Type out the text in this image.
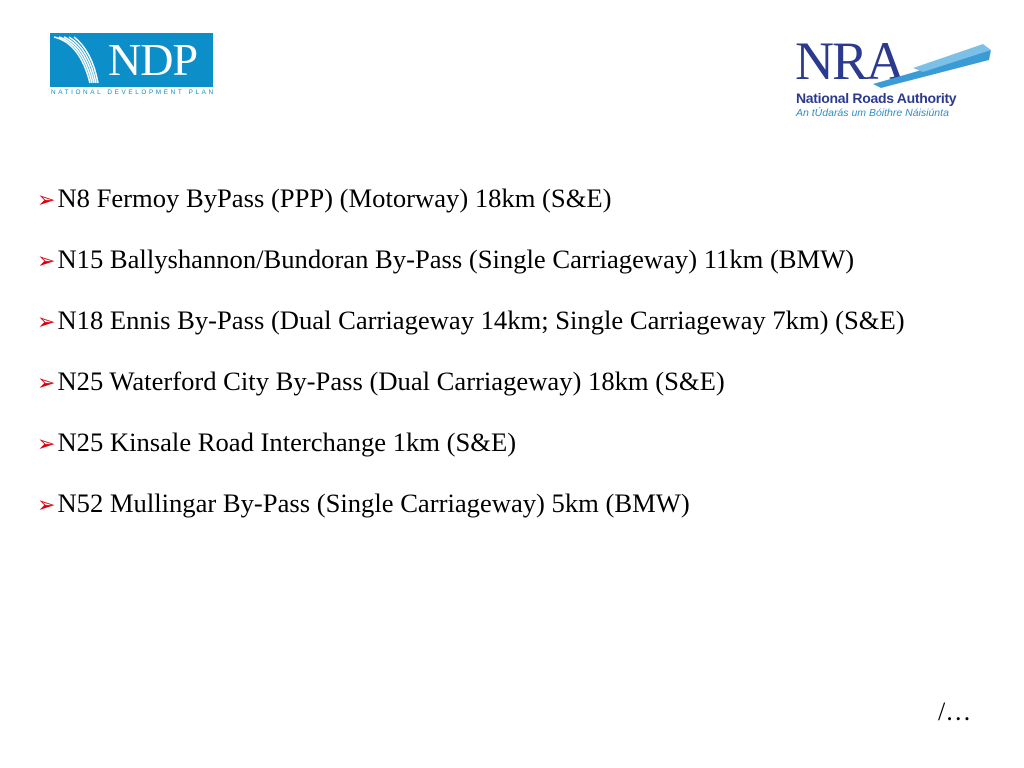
NDP
NATIONAL DEVELOPMENT PLAN
NRA
National Roads Authority
An tÚdarás um Bóithre Náisiúnta
➢N8 Fermoy ByPass (PPP) (Motorway) 18km (S&E)
➢N15 Ballyshannon/Bundoran By-Pass (Single Carriageway) 11km (BMW)
➢N18 Ennis By-Pass (Dual Carriageway 14km; Single Carriageway 7km) (S&E)
➢N25 Waterford City By-Pass (Dual Carriageway) 18km (S&E)
➢N25 Kinsale Road Interchange 1km (S&E)
➢N52 Mullingar By-Pass (Single Carriageway) 5km (BMW)
/…
